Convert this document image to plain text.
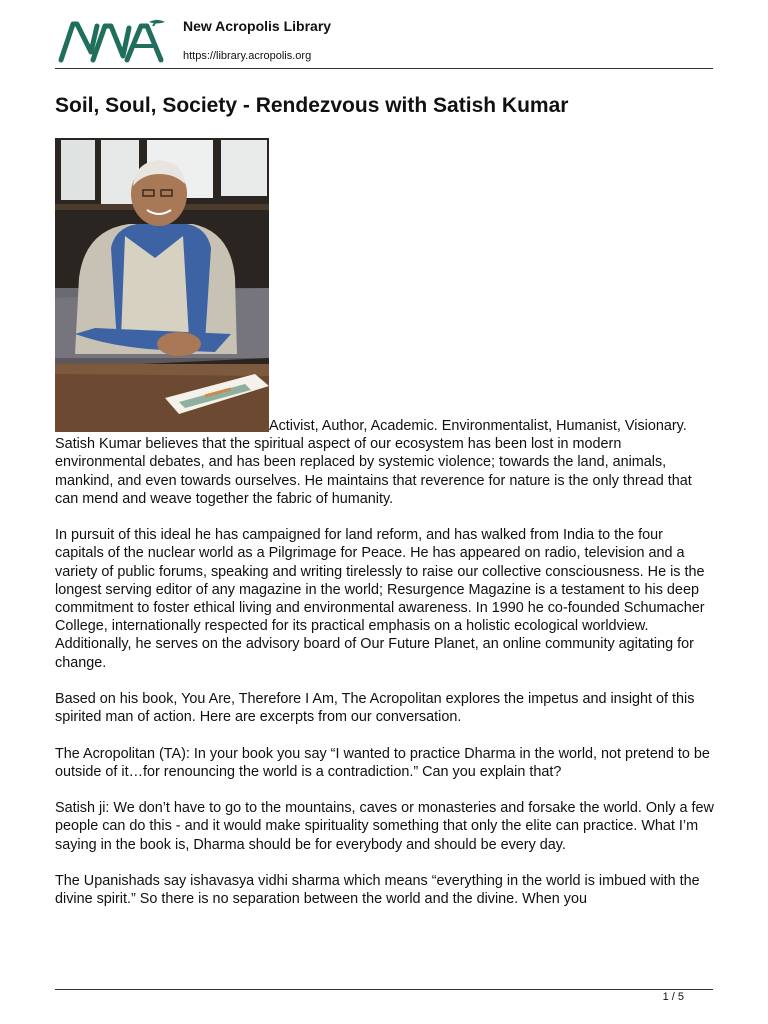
New Acropolis Library
https://library.acropolis.org
Soil, Soul, Society - Rendezvous with Satish Kumar

Activist, Author, Academic. Environmentalist, Humanist, Visionary. Satish Kumar believes that the spiritual aspect of our ecosystem has been lost in modern environmental debates, and has been replaced by systemic violence; towards the land, animals, mankind, and even towards ourselves. He maintains that reverence for nature is the only thread that can mend and weave together the fabric of humanity.

In pursuit of this ideal he has campaigned for land reform, and has walked from India to the four capitals of the nuclear world as a Pilgrimage for Peace. He has appeared on radio, television and a variety of public forums, speaking and writing tirelessly to raise our collective consciousness. He is the longest serving editor of any magazine in the world; Resurgence Magazine is a testament to his deep commitment to foster ethical living and environmental awareness. In 1990 he co-founded Schumacher College, internationally respected for its practical emphasis on a holistic ecological worldview. Additionally, he serves on the advisory board of Our Future Planet, an online community agitating for change.

Based on his book, You Are, Therefore I Am, The Acropolitan explores the impetus and insight of this spirited man of action. Here are excerpts from our conversation.

The Acropolitan (TA): In your book you say “I wanted to practice Dharma in the world, not pretend to be outside of it…for renouncing the world is a contradiction.” Can you explain that?

Satish ji: We don’t have to go to the mountains, caves or monasteries and forsake the world. Only a few people can do this - and it would make spirituality something that only the elite can practice. What I’m saying in the book is, Dharma should be for everybody and should be every day.

The Upanishads say ishavasya vidhi sharma which means “everything in the world is imbued with the divine spirit.” So there is no separation between the world and the divine. When you

1 / 5
